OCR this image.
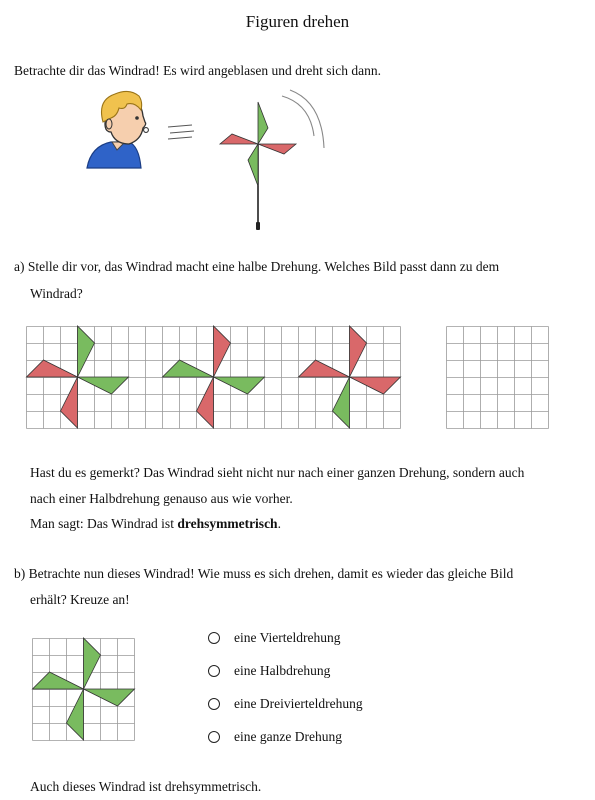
Figuren drehen
Betrachte dir das Windrad! Es wird angeblasen und dreht sich dann.
a) Stelle dir vor, das Windrad macht eine halbe Drehung. Welches Bild passt dann zu dem
Windrad?
Hast du es gemerkt? Das Windrad sieht nicht nur nach einer ganzen Drehung, sondern auch
nach einer Halbdrehung genauso aus wie vorher.
Man sagt: Das Windrad ist drehsymmetrisch.
b) Betrachte nun dieses Windrad! Wie muss es sich drehen, damit es wieder das gleiche Bild
erhält? Kreuze an!
eine Vierteldrehung
eine Halbdrehung
eine Dreivierteldrehung
eine ganze Drehung
Auch dieses Windrad ist drehsymmetrisch.
